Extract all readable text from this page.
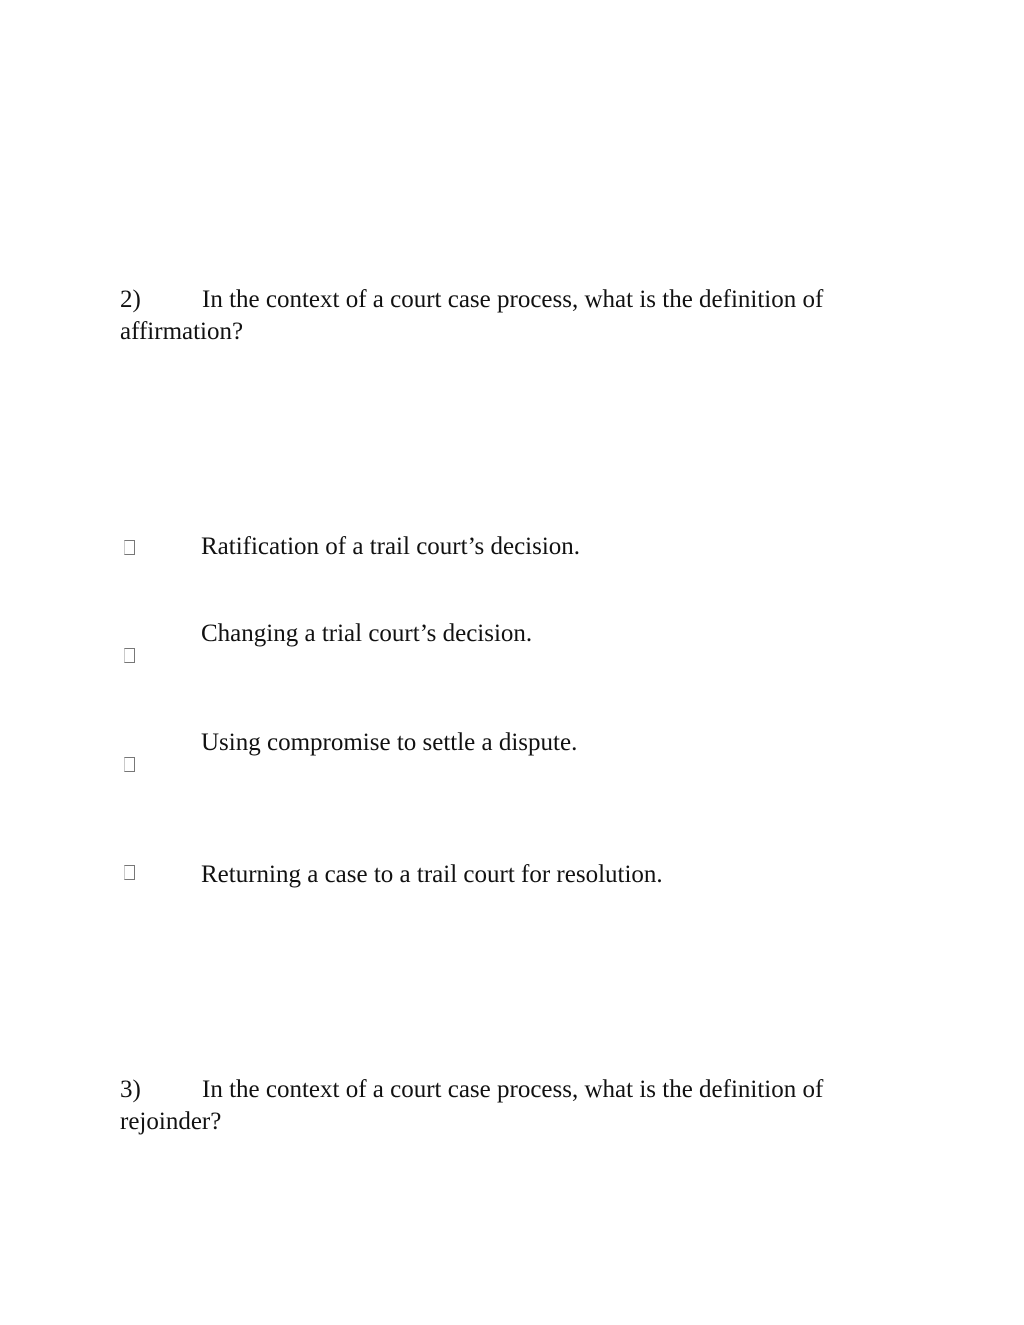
2) In the context of a court case process, what is the definition of
affirmation?
Ratification of a trail court’s decision.
Changing a trial court’s decision.
Using compromise to settle a dispute.
Returning a case to a trail court for resolution.
3) In the context of a court case process, what is the definition of
rejoinder?
